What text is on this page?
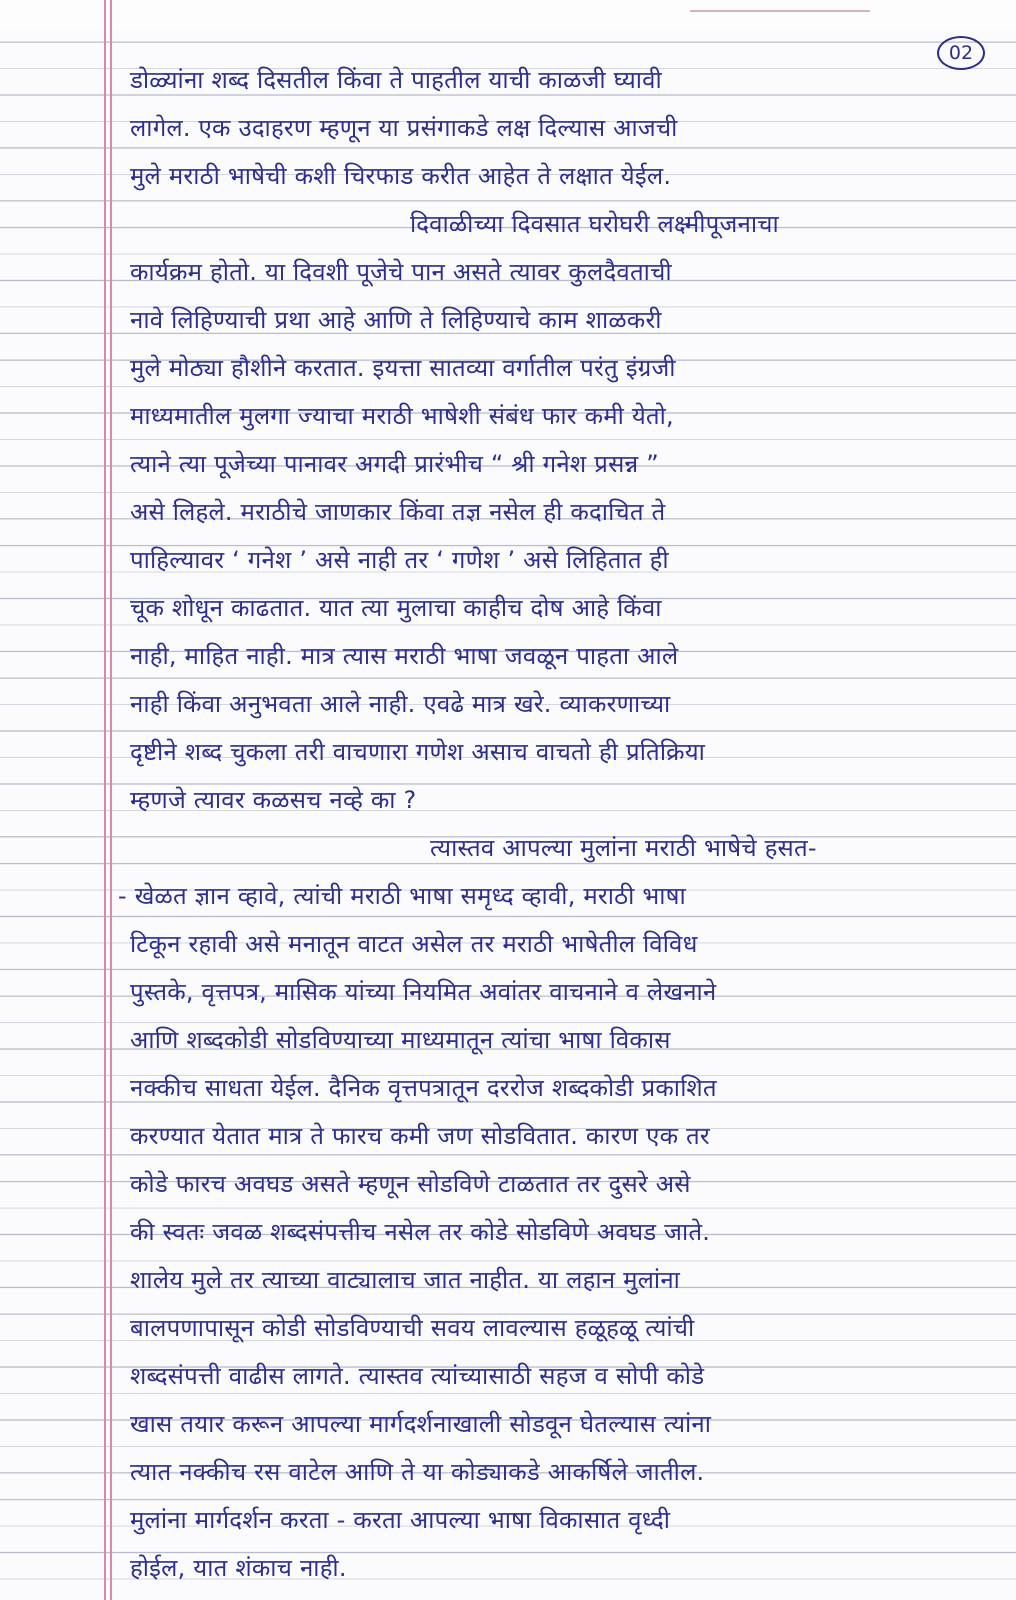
02

डोळ्यांना शब्द दिसतील किंवा ते पाहतील याची काळजी घ्यावी

लागेल. एक उदाहरण म्हणून या प्रसंगाकडे लक्ष दिल्यास आजची

मुले मराठी भाषेची कशी चिरफाड करीत आहेत ते लक्षात येईल.

दिवाळीच्या दिवसात घरोघरी लक्ष्मीपूजनाचा

कार्यक्रम होतो. या दिवशी पूजेचे पान असते त्यावर कुलदैवताची

नावे लिहिण्याची प्रथा आहे आणि ते लिहिण्याचे काम शाळकरी

मुले मोठ्या हौशीने करतात. इयत्ता सातव्या वर्गातील परंतु इंग्रजी

माध्यमातील मुलगा ज्याचा मराठी भाषेशी संबंध फार कमी येतो,

त्याने त्या पूजेच्या पानावर अगदी प्रारंभीच “ श्री गनेश प्रसन्न ”

असे लिहले. मराठीचे जाणकार किंवा तज्ञ नसेल ही कदाचित ते

पाहिल्यावर ‘ गनेश ’ असे नाही तर ‘ गणेश ’ असे लिहितात ही

चूक शोधून काढतात. यात त्या मुलाचा काहीच दोष आहे किंवा

नाही, माहित नाही. मात्र त्यास मराठी भाषा जवळून पाहता आले

नाही किंवा अनुभवता आले नाही. एवढे मात्र खरे. व्याकरणाच्या

दृष्टीने शब्द चुकला तरी वाचणारा गणेश असाच वाचतो ही प्रतिक्रिया

म्हणजे त्यावर कळसच नव्हे का ?

त्यास्तव आपल्या मुलांना मराठी भाषेचे हसत-

- खेळत ज्ञान व्हावे, त्यांची मराठी भाषा समृध्द व्हावी, मराठी भाषा

टिकून रहावी असे मनातून वाटत असेल तर मराठी भाषेतील विविध

पुस्तके, वृत्तपत्र, मासिक यांच्या नियमित अवांतर वाचनाने व लेखनाने

आणि शब्दकोडी सोडविण्याच्या माध्यमातून त्यांचा भाषा विकास

नक्कीच साधता येईल. दैनिक वृत्तपत्रातून दररोज शब्दकोडी प्रकाशित

करण्यात येतात मात्र ते फारच कमी जण सोडवितात. कारण एक तर

कोडे फारच अवघड असते म्हणून सोडविणे टाळतात तर दुसरे असे

की स्वतः जवळ शब्दसंपत्तीच नसेल तर कोडे सोडविणे अवघड जाते.

शालेय मुले तर त्याच्या वाट्यालाच जात नाहीत. या लहान मुलांना

बालपणापासून कोडी सोडविण्याची सवय लावल्यास हळूहळू त्यांची

शब्दसंपत्ती वाढीस लागते. त्यास्तव त्यांच्यासाठी सहज व सोपी कोडे

खास तयार करून आपल्या मार्गदर्शनाखाली सोडवून घेतल्यास त्यांना

त्यात नक्कीच रस वाटेल आणि ते या कोड्याकडे आकर्षिले जातील.

मुलांना मार्गदर्शन करता - करता आपल्या भाषा विकासात वृध्दी

होईल, यात शंकाच नाही.
